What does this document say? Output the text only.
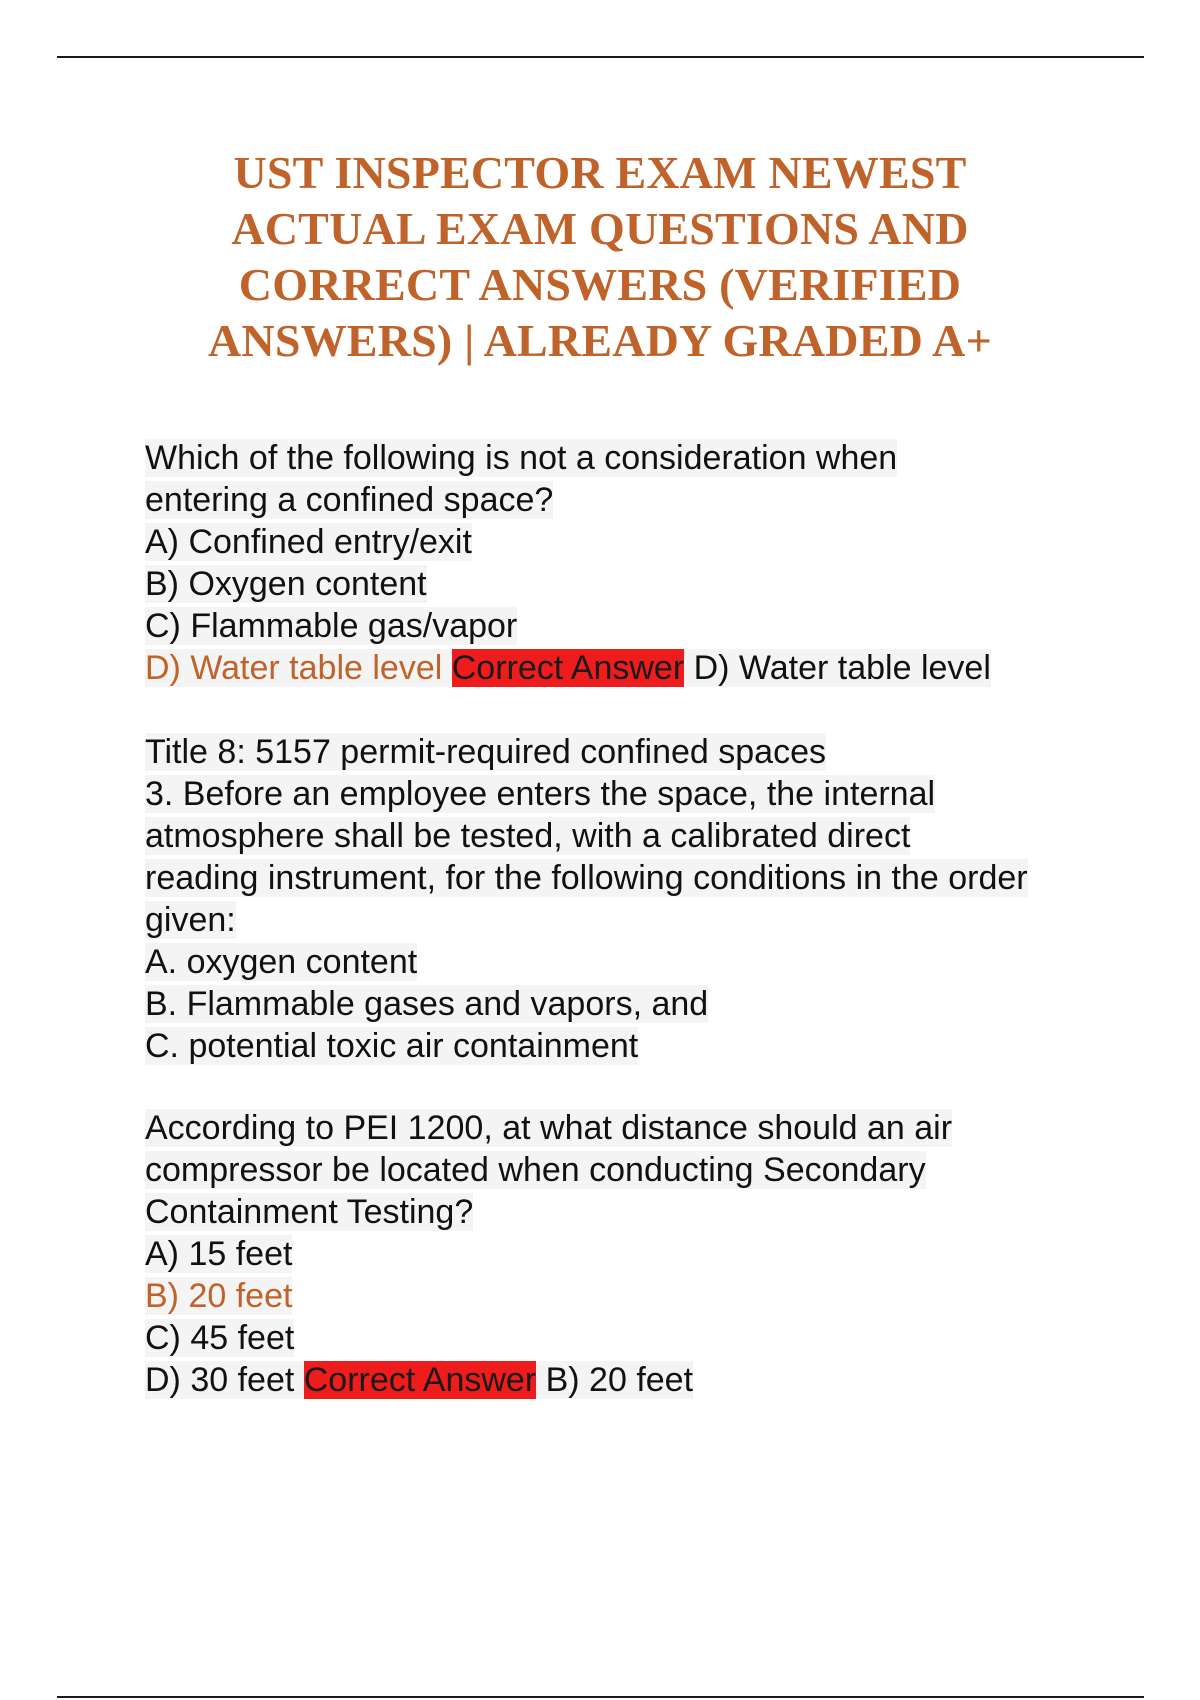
UST INSPECTOR EXAM NEWEST
ACTUAL EXAM QUESTIONS AND
CORRECT ANSWERS (VERIFIED
ANSWERS) | ALREADY GRADED A+
Which of the following is not a consideration when
entering a confined space?
A) Confined entry/exit
B) Oxygen content
C) Flammable gas/vapor
D) Water table level Correct Answer D) Water table level
Title 8: 5157 permit-required confined spaces
3. Before an employee enters the space, the internal
atmosphere shall be tested, with a calibrated direct
reading instrument, for the following conditions in the order
given:
A. oxygen content
B. Flammable gases and vapors, and
C. potential toxic air containment
According to PEI 1200, at what distance should an air
compressor be located when conducting Secondary
Containment Testing?
A) 15 feet
B) 20 feet
C) 45 feet
D) 30 feet Correct Answer B) 20 feet
